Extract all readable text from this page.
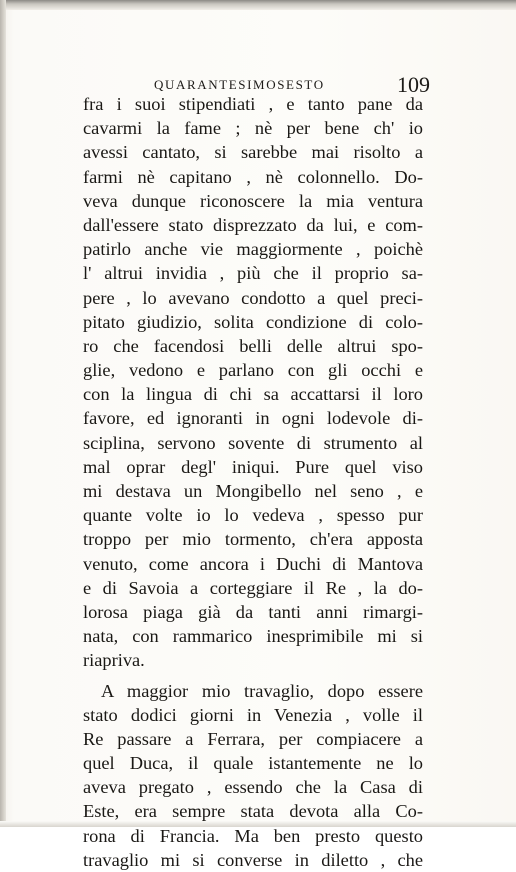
QUARANTESIMOSESTO	109
fra i suoi stipendiati , e tanto pane da
cavarmi la fame ; nè per bene ch' io
avessi cantato, si sarebbe mai risolto a
farmi nè capitano , nè colonnello. Do-
veva dunque riconoscere la mia ventura
dall'essere stato disprezzato da lui, e com-
patirlo anche vie maggiormente , poichè
l' altrui invidia , più che il proprio sa-
pere , lo avevano condotto a quel preci-
pitato giudizio, solita condizione di colo-
ro che facendosi belli delle altrui spo-
glie, vedono e parlano con gli occhi e
con la lingua di chi sa accattarsi il loro
favore, ed ignoranti in ogni lodevole di-
sciplina, servono sovente di strumento al
mal oprar degl' iniqui. Pure quel viso
mi destava un Mongibello nel seno , e
quante volte io lo vedeva , spesso pur
troppo per mio tormento, ch'era apposta
venuto, come ancora i Duchi di Mantova
e di Savoia a corteggiare il Re , la do-
lorosa piaga già da tanti anni rimargi-
nata, con rammarico inesprimibile mi si
riapriva.
A maggior mio travaglio, dopo essere
stato dodici giorni in Venezia , volle il
Re passare a Ferrara, per compiacere a
quel Duca, il quale istantemente ne lo
aveva pregato , essendo che la Casa di
Este, era sempre stata devota alla Co-
rona di Francia. Ma ben presto questo
travaglio mi si converse in diletto , che
